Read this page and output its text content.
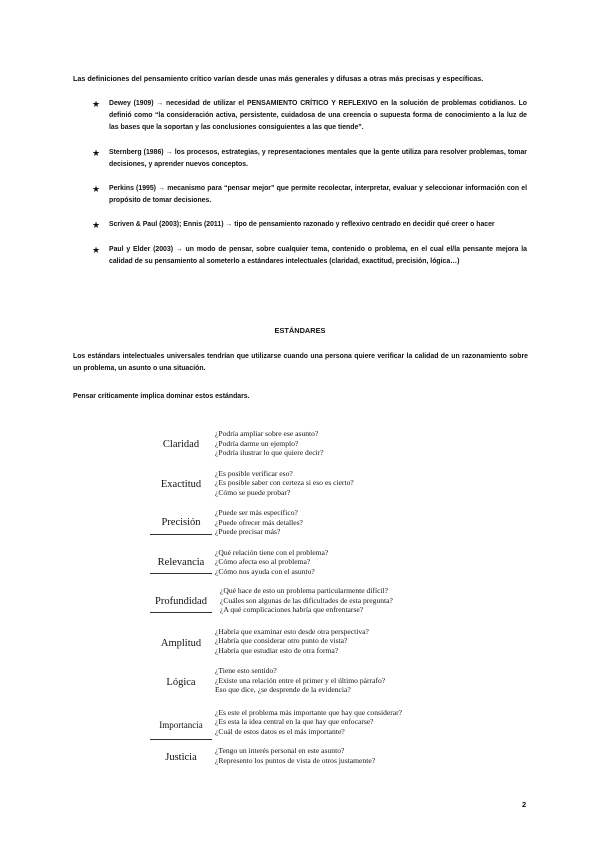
Las definiciones del pensamiento crítico varían desde unas más generales y difusas a otras más precisas y específicas.

★ Dewey (1909) → necesidad de utilizar el PENSAMIENTO CRÍTICO Y REFLEXIVO en la solución de problemas cotidianos. Lo definió como “la consideración activa, persistente, cuidadosa de una creencia o supuesta forma de conocimiento a la luz de las bases que la soportan y las conclusiones consiguientes a las que tiende”.
★ Sternberg (1986) → los procesos, estrategias, y representaciones mentales que la gente utiliza para resolver problemas, tomar decisiones, y aprender nuevos conceptos.
★ Perkins (1995) → mecanismo para “pensar mejor” que permite recolectar, interpretar, evaluar y seleccionar información con el propósito de tomar decisiones.
★ Scriven & Paul (2003); Ennis (2011) → tipo de pensamiento razonado y reflexivo centrado en decidir qué creer o hacer
★ Paul y Elder (2003) → un modo de pensar, sobre cualquier tema, contenido o problema, en el cual el/la pensante mejora la calidad de su pensamiento al someterlo a estándares intelectuales (claridad, exactitud, precisión, lógica…)
ESTÁNDARES

Los estándars intelectuales universales tendrían que utilizarse cuando una persona quiere verificar la calidad de un razonamiento sobre un problema, un asunto o una situación.

Pensar críticamente implica dominar estos estándars.

Claridad
¿Podría ampliar sobre ese asunto?
¿Podría darme un ejemplo?
¿Podría ilustrar lo que quiere decir?
Exactitud
¿Es posible verificar eso?
¿Es posible saber con certeza si eso es cierto?
¿Cómo se puede probar?
Precisión
¿Puede ser más específico?
¿Puede ofrecer más detalles?
¿Puede precisar más?
Relevancia
¿Qué relación tiene con el problema?
¿Cómo afecta eso al problema?
¿Cómo nos ayuda con el asunto?
Profundidad
¿Qué hace de esto un problema particularmente difícil?
¿Cuáles son algunas de las dificultades de esta pregunta?
¿A qué complicaciones habría que enfrentarse?
Amplitud
¿Habría que examinar esto desde otra perspectiva?
¿Habría que considerar otro punto de vista?
¿Habría que estudiar esto de otra forma?
Lógica
¿Tiene esto sentido?
¿Existe una relación entre el primer y el último párrafo?
Eso que dice, ¿se desprende de la evidencia?
Importancia
¿Es este el problema más importante que hay que considerar?
¿Es esta la idea central en la que hay que enfocarse?
¿Cuál de estos datos es el más importante?
Justicia
¿Tengo un interés personal en este asunto?
¿Represento los puntos de vista de otros justamente?
2
